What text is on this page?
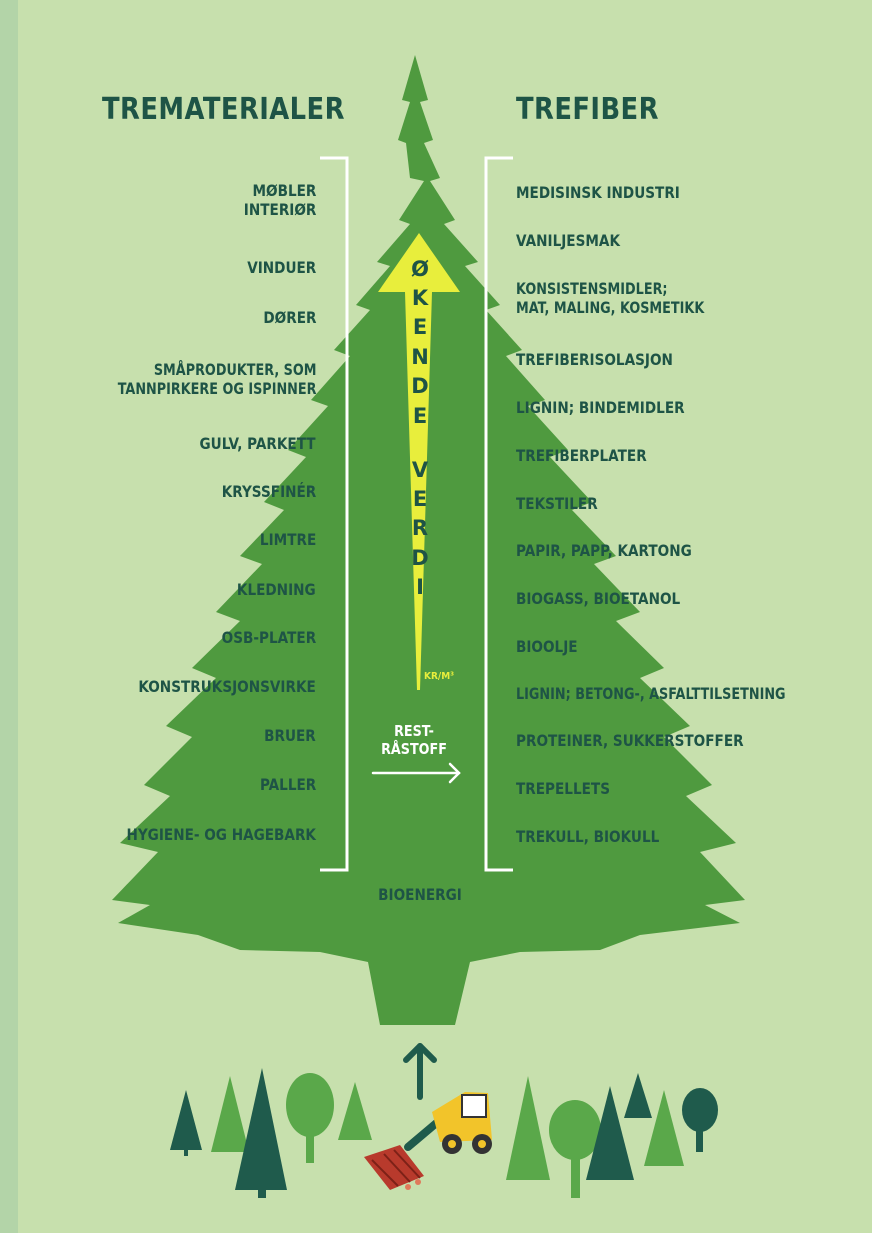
TREMATERIALER	TREFIBER
MØBLER
INTERIØR
VINDUER
DØRER
SMÅPRODUKTER, SOM
TANNPIRKERE OG ISPINNER
GULV, PARKETT
KRYSSFINÉR
LIMTRE
KLEDNING
OSB-PLATER
KONSTRUKSJONSVIRKE
BRUER
PALLER
HYGIENE- OG HAGEBARK
MEDISINSK INDUSTRI
VANILJESMAK
KONSISTENSMIDLER;
MAT, MALING, KOSMETIKK
TREFIBERISOLASJON
LIGNIN; BINDEMIDLER
TREFIBERPLATER
TEKSTILER
PAPIR, PAPP, KARTONG
BIOGASS, BIOETANOL
BIOOLJE
LIGNIN; BETONG-, ASFALTTILSETNING
PROTEINER, SUKKERSTOFFER
TREPELLETS
TREKULL, BIOKULL
Ø
K
E
N
D
E
V
E
R
D
I
KR/M³
REST-
RÅSTOFF
BIOENERGI
